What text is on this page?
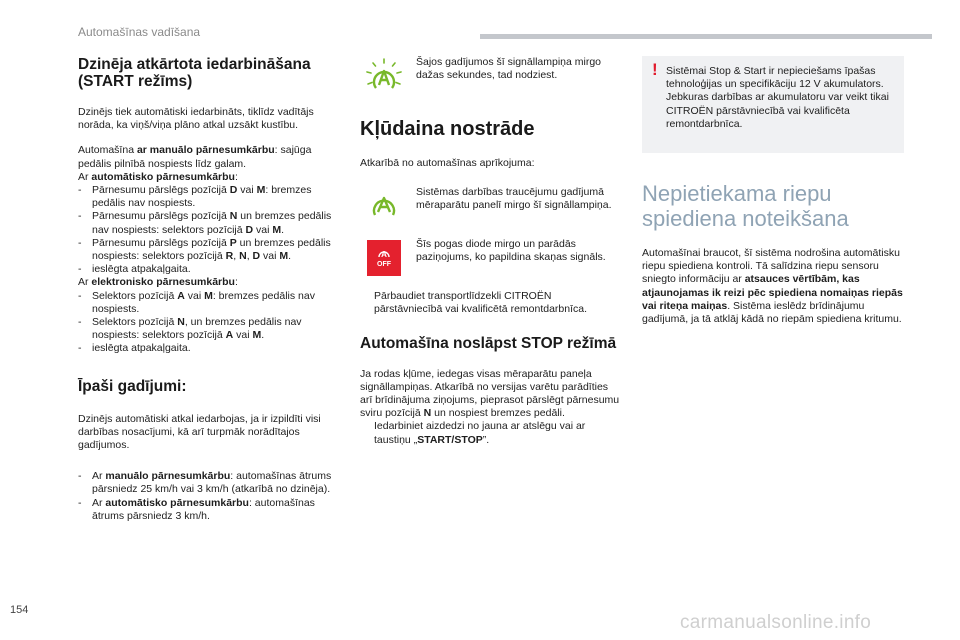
Automašīnas vadīšana
Dzinēja atkārtota iedarbināšana (START režīms)

Dzinējs tiek automātiski iedarbināts, tiklīdz vadītājs norāda, ka viņš/viņa plāno atkal uzsākt kustību.

Automašīna ar manuālo pārnesumkārbu: sajūga pedālis pilnībā nospiests līdz galam.

Ar automātisko pārnesumkārbu:

-	Pārnesumu pārslēgs pozīcijā D vai M: bremzes pedālis nav nospiests.
-	Pārnesumu pārslēgs pozīcijā N un bremzes pedālis nav nospiests: selektors pozīcijā D vai M.
-	Pārnesumu pārslēgs pozīcijā P un bremzes pedālis nospiests: selektors pozīcijā R, N, D vai M.
-	ieslēgta atpakaļgaita.

Ar elektronisko pārnesumkārbu:

-	Selektors pozīcijā A vai M: bremzes pedālis nav nospiests.
-	Selektors pozīcijā N, un bremzes pedālis nav nospiests: selektors pozīcijā A vai M.
-	ieslēgta atpakaļgaita.
Īpaši gadījumi:

Dzinējs automātiski atkal iedarbojas, ja ir izpildīti visi darbības nosacījumi, kā arī turpmāk norādītajos gadījumos.

-	Ar manuālo pārnesumkārbu: automašīnas ātrums pārsniedz 25 km/h vai 3 km/h (atkarībā no dzinēja).
-	Ar automātisko pārnesumkārbu: automašīnas ātrums pārsniedz 3 km/h.
Šajos gadījumos šī signāllampiņa mirgo dažas sekundes, tad nodziest.
Kļūdaina nostrāde

Atkarībā no automašīnas aprīkojuma:

Sistēmas darbības traucējumu gadījumā mēraparātu panelī mirgo šī signāllampiņa.
A
OFF
Šīs pogas diode mirgo un parādās paziņojums, ko papildina skaņas signāls.
Pārbaudiet transportlīdzekli CITROËN pārstāvniecībā vai kvalificētā remontdarbnīca.
Automašīna noslāpst STOP režīmā

Ja rodas kļūme, iedegas visas mēraparātu paneļa signāllampiņas. Atkarībā no versijas varētu parādīties arī brīdinājuma ziņojums, pieprasot pārslēgt pārnesumu sviru pozīcijā N un nospiest bremzes pedāli.

Iedarbiniet aizdedzi no jauna ar atslēgu vai ar taustiņu „START/STOP”.
! Sistēmai Stop & Start ir nepieciešams īpašas tehnoloģijas un specifikāciju 12 V akumulators. Jebkuras darbības ar akumulatoru var veikt tikai CITROËN pārstāvniecībā vai kvalificēta remontdarbnīca.

Nepietiekama riepu spiediena noteikšana

Automašīnai braucot, šī sistēma nodrošina automātisku riepu spiediena kontroli. Tā salīdzina riepu sensoru sniegto informāciju ar atsauces vērtībām, kas atjaunojamas ik reizi pēc spiediena nomaiņas riepās vai riteņa maiņas. Sistēma ieslēdz brīdinājumu gadījumā, ja tā atklāj kādā no riepām spiediena kritumu.

154
carmanualsonline.info
